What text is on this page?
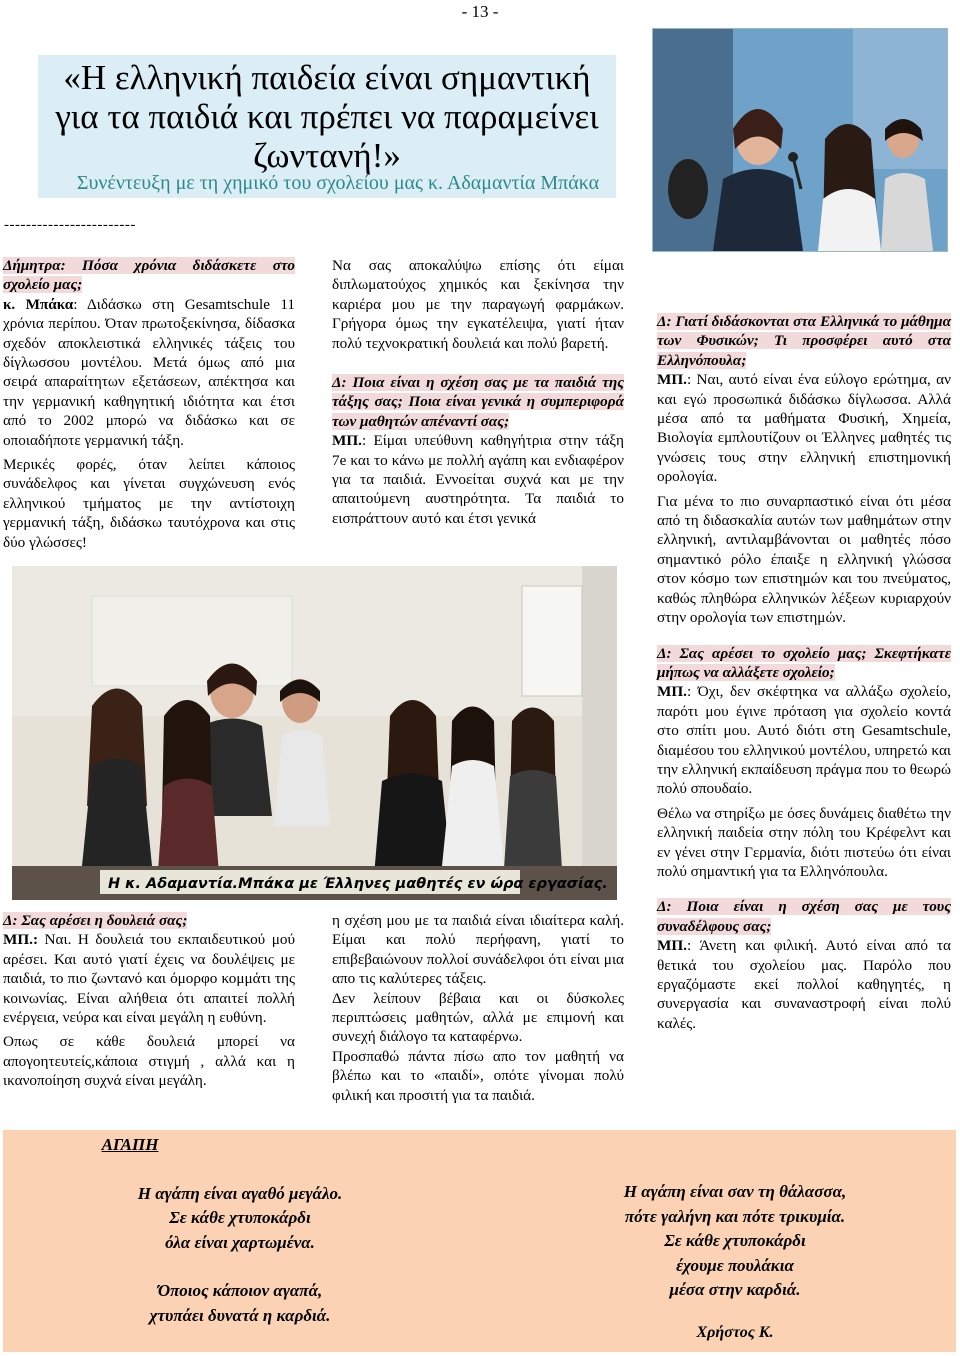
- 13 -
«Η ελληνική παιδεία είναι σημαντική για τα παιδιά και πρέπει να παραμείνει ζωντανή!»
Συνέντευξη με τη χημικό του σχολείου μας κ. Αδαμαντία Μπάκα
------------------------

Δήμητρα: Πόσα χρόνια διδάσκετε στο σχολείο μας;
κ. Μπάκα: Διδάσκω στη Gesamtschule 11 χρόνια περίπου. Όταν πρωτοξεκίνησα, δίδασκα σχεδόν αποκλειστικά ελληνικές τάξεις του δίγλωσσου μοντέλου. Μετά όμως από μια σειρά απαραίτητων εξετάσεων, απέκτησα και την γερμανική καθηγητική ιδιότητα και έτσι από το 2002 μπορώ να διδάσκω και σε οποιαδήποτε γερμανική τάξη.

Μερικές φορές, όταν λείπει κάποιος συνάδελφος και γίνεται συγχώνευση ενός ελληνικού τμήματος με την αντίστοιχη γερμανική τάξη, διδάσκω ταυτόχρονα και στις δύο γλώσσες!

Να σας αποκαλύψω επίσης ότι είμαι διπλωματούχος χημικός και ξεκίνησα την καριέρα μου με την παραγωγή φαρμάκων. Γρήγορα όμως την εγκατέλειψα, γιατί ήταν πολύ τεχνοκρατική δουλειά και πολύ βαρετή.

Δ: Ποια είναι η σχέση σας με τα παιδιά της τάξης σας; Ποια είναι γενικά η συμπεριφορά των μαθητών απέναντί σας;
ΜΠ.: Είμαι υπεύθυνη καθηγήτρια στην τάξη 7e και το κάνω με πολλή αγάπη και ενδιαφέρον για τα παιδιά. Εννοείται συχνά και με την απαιτούμενη αυστηρότητα. Τα παιδιά το εισπράττουν αυτό και έτσι γενικά

Δ: Γιατί διδάσκονται στα Ελληνικά το μάθημα των Φυσικών; Τι προσφέρει αυτό στα Ελληνόπουλα;
ΜΠ.: Ναι, αυτό είναι ένα εύλογο ερώτημα, αν και εγώ προσωπικά διδάσκω δίγλωσσα. Αλλά μέσα από τα μαθήματα Φυσική, Χημεία, Βιολογία εμπλουτίζουν οι Έλληνες μαθητές τις γνώσεις τους στην ελληνική επιστημονική ορολογία.

Για μένα το πιο συναρπαστικό είναι ότι μέσα από τη διδασκαλία αυτών των μαθημάτων στην ελληνική, αντιλαμβάνονται οι μαθητές πόσο σημαντικό ρόλο έπαιξε η ελληνική γλώσσα στον κόσμο των επιστημών και του πνεύματος, καθώς πληθώρα ελληνικών λέξεων κυριαρχούν στην ορολογία των επιστημών.

Δ: Σας αρέσει το σχολείο μας; Σκεφτήκατε μήπως να αλλάξετε σχολείο;
ΜΠ.: Όχι, δεν σκέφτηκα να αλλάξω σχολείο, παρότι μου έγινε πρόταση για σχολείο κοντά στο σπίτι μου. Αυτό διότι στη Gesamtschule, διαμέσου του ελληνικού μοντέλου, υπηρετώ και την ελληνική εκπαίδευση πράγμα που το θεωρώ πολύ σπουδαίο.

Θέλω να στηρίξω με όσες δυνάμεις διαθέτω την ελληνική παιδεία στην πόλη του Κρέφελντ και εν γένει στην Γερμανία, διότι πιστεύω ότι είναι πολύ σημαντική για τα Ελληνόπουλα.

Δ: Ποια είναι η σχέση σας με τους συναδέλφους σας;
ΜΠ.: Άνετη και φιλική. Αυτό είναι από τα θετικά του σχολείου μας. Παρόλο που εργαζόμαστε εκεί πολλοί καθηγητές, η συνεργασία και συναναστροφή είναι πολύ καλές.

Η κ. Αδαμαντία.Μπάκα με Έλληνες μαθητές εν ώρα εργασίας.

Δ: Σας αρέσει η δουλειά σας;
ΜΠ.: Ναι. Η δουλειά του εκπαιδευτικού μού αρέσει. Και αυτό γιατί έχεις να δουλέψεις με παιδιά, το πιο ζωντανό και όμορφο κομμάτι της κοινωνίας. Είναι αλήθεια ότι απαιτεί πολλή ενέργεια, νεύρα και είναι μεγάλη η ευθύνη.

Οπως σε κάθε δουλειά μπορεί να απογοητευτείς,κάποια στιγμή , αλλά και η ικανοποίηση συχνά είναι μεγάλη.

η σχέση μου με τα παιδιά είναι ιδιαίτερα καλή. Είμαι και πολύ περήφανη, γιατί το επιβεβαιώνουν πολλοί συνάδελφοι ότι είναι μια απο τις καλύτερες τάξεις.

Δεν λείπουν βέβαια και οι δύσκολες περιπτώσεις μαθητών, αλλά με επιμονή και συνεχή διάλογο τα καταφέρνω.

Προσπαθώ πάντα πίσω απο τον μαθητή να βλέπω και το «παιδί», οπότε γίνομαι πολύ φιλική και προσιτή για τα παιδιά.

ΑΓΑΠΗ
Η αγάπη είναι αγαθό μεγάλο.
Σε κάθε χτυποκάρδι
όλα είναι χαρτωμένα.
Όποιος κάποιον αγαπά,
χτυπάει δυνατά η καρδιά.
Η αγάπη είναι σαν τη θάλασσα,
πότε γαλήνη και πότε τρικυμία.
Σε κάθε χτυποκάρδι
έχουμε πουλάκια
μέσα στην καρδιά.
Χρήστος Κ.
